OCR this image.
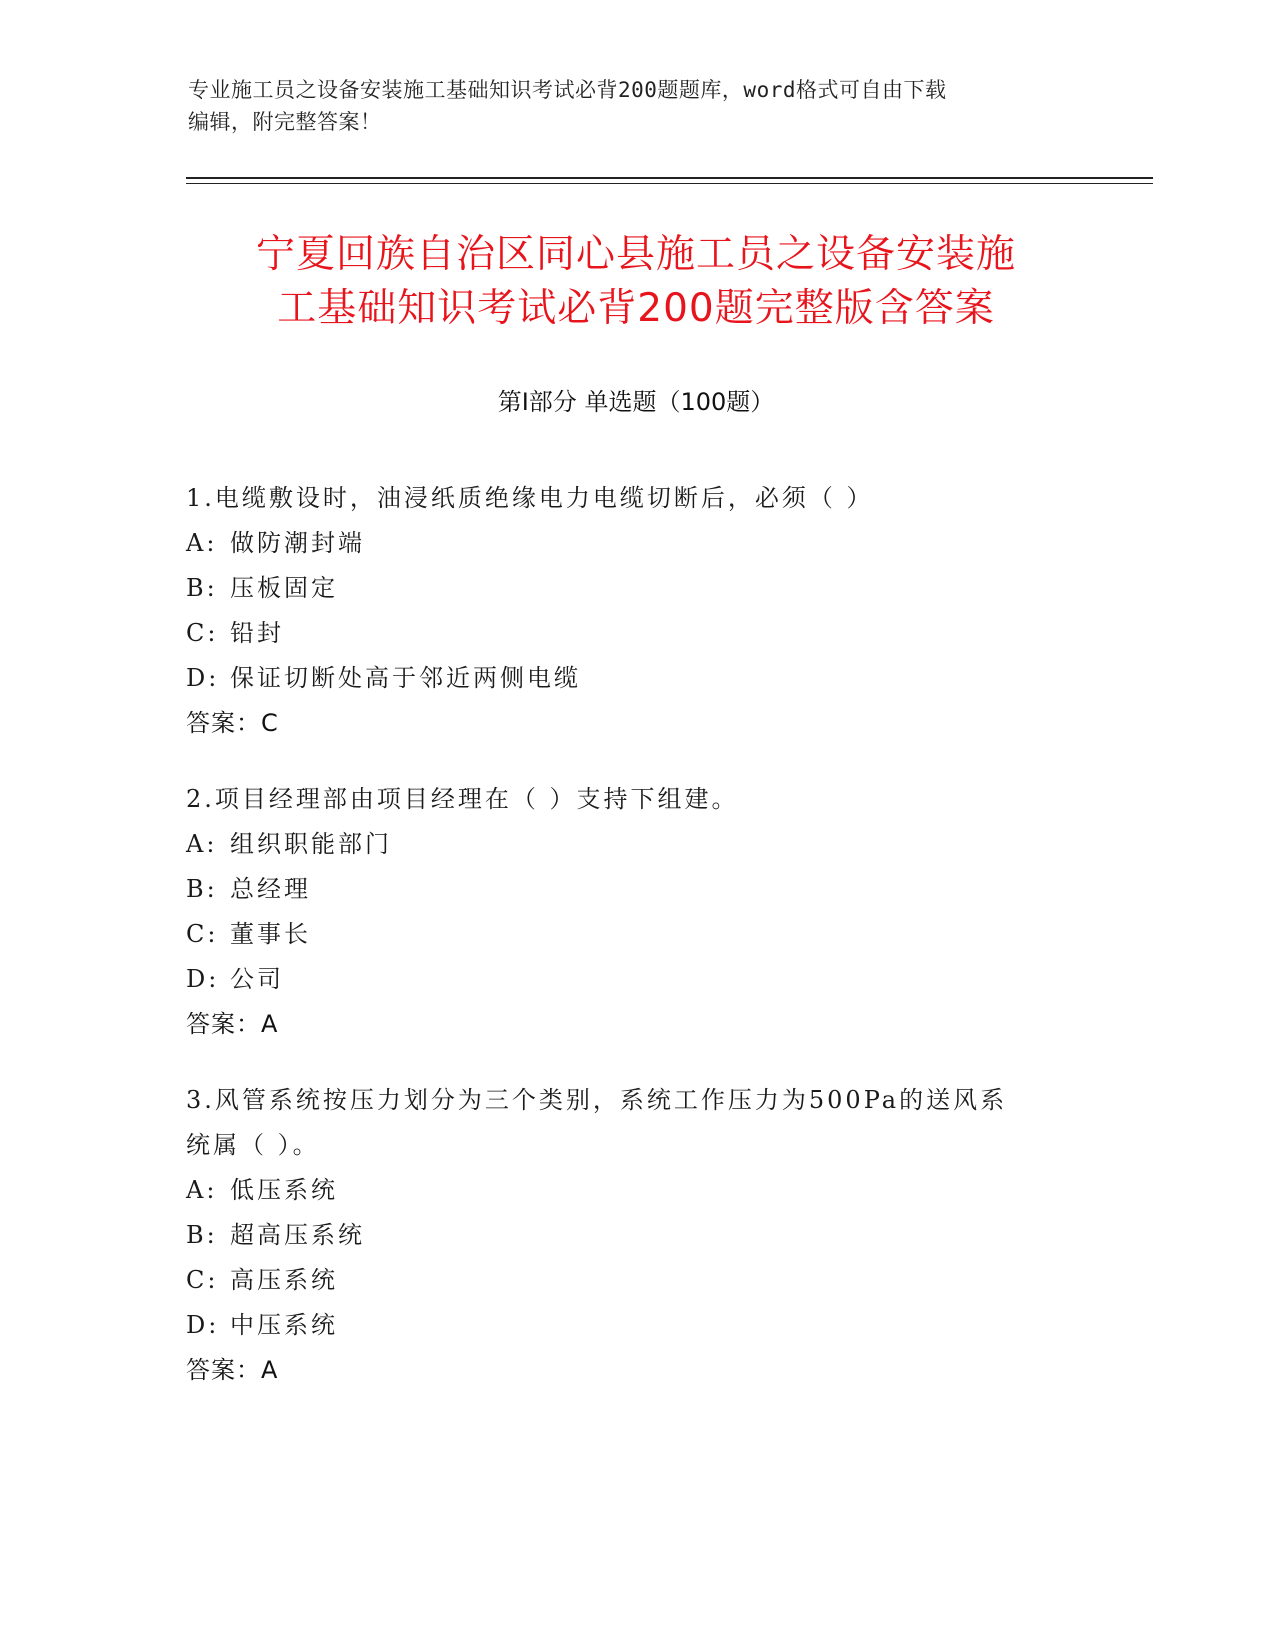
专业施工员之设备安装施工基础知识考试必背200题题库，word格式可自由下载
编辑，附完整答案！
宁夏回族自治区同心县施工员之设备安装施
工基础知识考试必背200题完整版含答案
第Ⅰ部分 单选题（100题）
1.电缆敷设时，油浸纸质绝缘电力电缆切断后，必须（ ）
A: 做防潮封端
B: 压板固定
C: 铅封
D: 保证切断处高于邻近两侧电缆
答案：C
2.项目经理部由项目经理在（ ）支持下组建。
A: 组织职能部门
B: 总经理
C: 董事长
D: 公司
答案：A
3.风管系统按压力划分为三个类别，系统工作压力为500Pa的送风系
统属（ ）。
A: 低压系统
B: 超高压系统
C: 高压系统
D: 中压系统
答案：A
